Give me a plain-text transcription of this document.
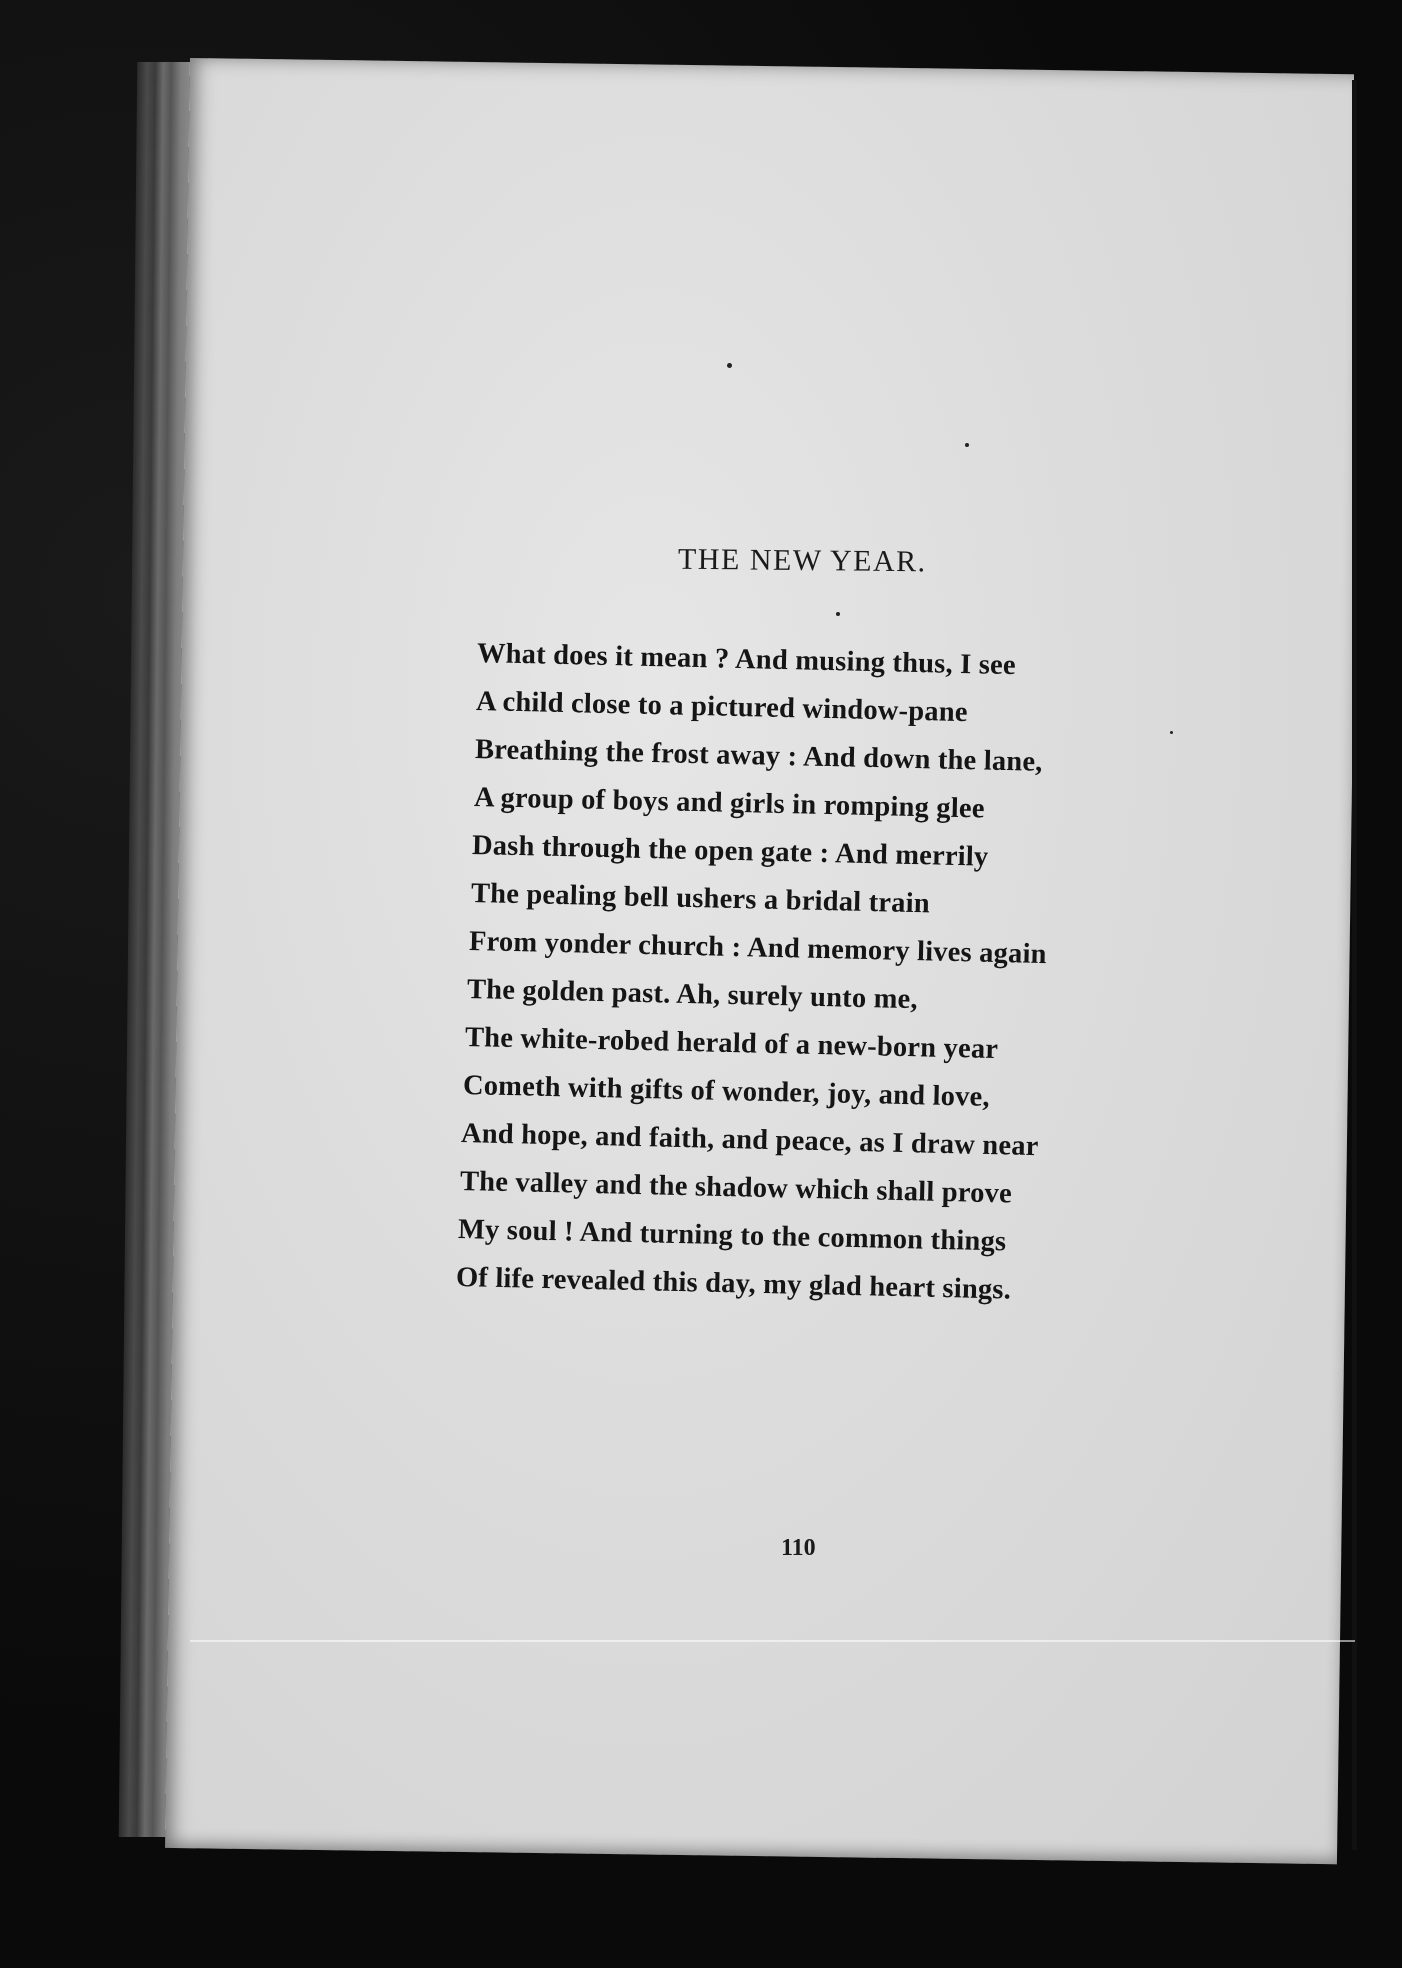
THE NEW YEAR.
What does it mean ? And musing thus, I see
A child close to a pictured window-pane
Breathing the frost away : And down the lane,
A group of boys and girls in romping glee
Dash through the open gate : And merrily
The pealing bell ushers a bridal train
From yonder church : And memory lives again
The golden past. Ah, surely unto me,
The white-robed herald of a new-born year
Cometh with gifts of wonder, joy, and love,
And hope, and faith, and peace, as I draw near
The valley and the shadow which shall prove
My soul ! And turning to the common things
Of life revealed this day, my glad heart sings.
110
